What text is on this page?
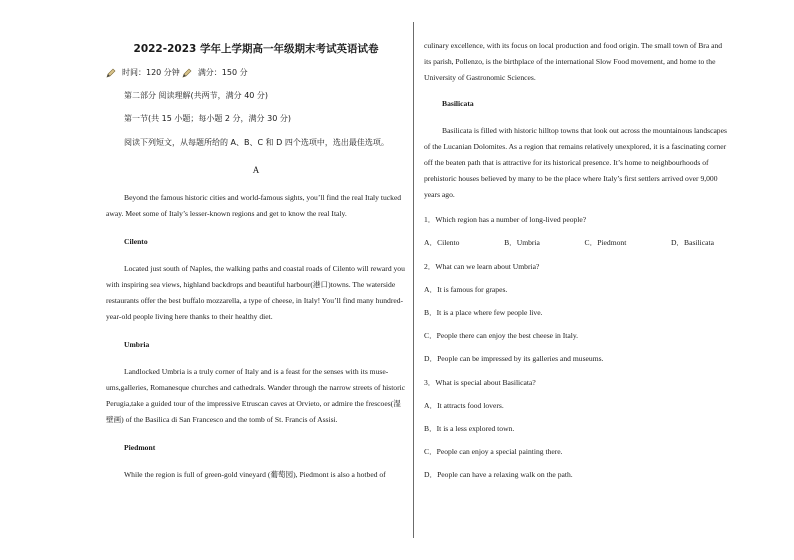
2022-2023 学年上学期高一年级期末考试英语试卷
时间：120 分钟 满分：150 分
第二部分 阅读理解(共两节，满分 40 分)
第一节(共 15 小题；每小题 2 分，满分 30 分)
阅读下列短文，从每题所给的 A、B、C 和 D 四个选项中，选出最佳选项。
A

Beyond the famous historic cities and world-famous sights, you’ll find the real Italy tucked away. Meet some of Italy’s lesser-known regions and get to know the real Italy.

Cilento

Located just south of Naples, the walking paths and coastal roads of Cilento will reward you with inspiring sea views, highland backdrops and beautiful harbour(港口)towns. The waterside restaurants offer the best buffalo mozzarella, a type of cheese, in Italy! You’ll find many hundred-year-old people living here thanks to their healthy diet.

Umbria

Landlocked Umbria is a truly corner of Italy and is a feast for the senses with its muse-ums,galleries, Romanesque churches and cathedrals. Wander through the narrow streets of historic Perugia,take a guided tour of the impressive Etruscan caves at Orvieto, or admire the frescoes(湿壁画) of the Basilica di San Francesco and the tomb of St. Francis of Assisi.

Piedmont

While the region is full of green-gold vineyard (葡萄园), Piedmont is also a hotbed of

culinary excellence, with its focus on local production and food origin. The small town of Bra and its parish, Pollenzo, is the birthplace of the international Slow Food movement, and home to the University of Gastronomic Sciences.

Basilicata

Basilicata is filled with historic hilltop towns that look out across the mountainous landscapes of the Lucanian Dolomites. As a region that remains relatively unexplored, it is a fascinating corner off the beaten path that is attractive for its historical presence. It’s home to neighbourhoods of prehistoric houses believed by many to be the place where Italy’s first settlers arrived over 9,000 years ago.

1．Which region has a number of long-lived people?
A．Cilento	B．Umbria	C．Piedmont	D．Basilicata
2．What can we learn about Umbria?
A．It is famous for grapes.
B．It is a place where few people live.
C．People there can enjoy the best cheese in Italy.
D．People can be impressed by its galleries and museums.
3．What is special about Basilicata?
A．It attracts food lovers.
B．It is a less explored town.
C．People can enjoy a special painting there.
D．People can have a relaxing walk on the path.
